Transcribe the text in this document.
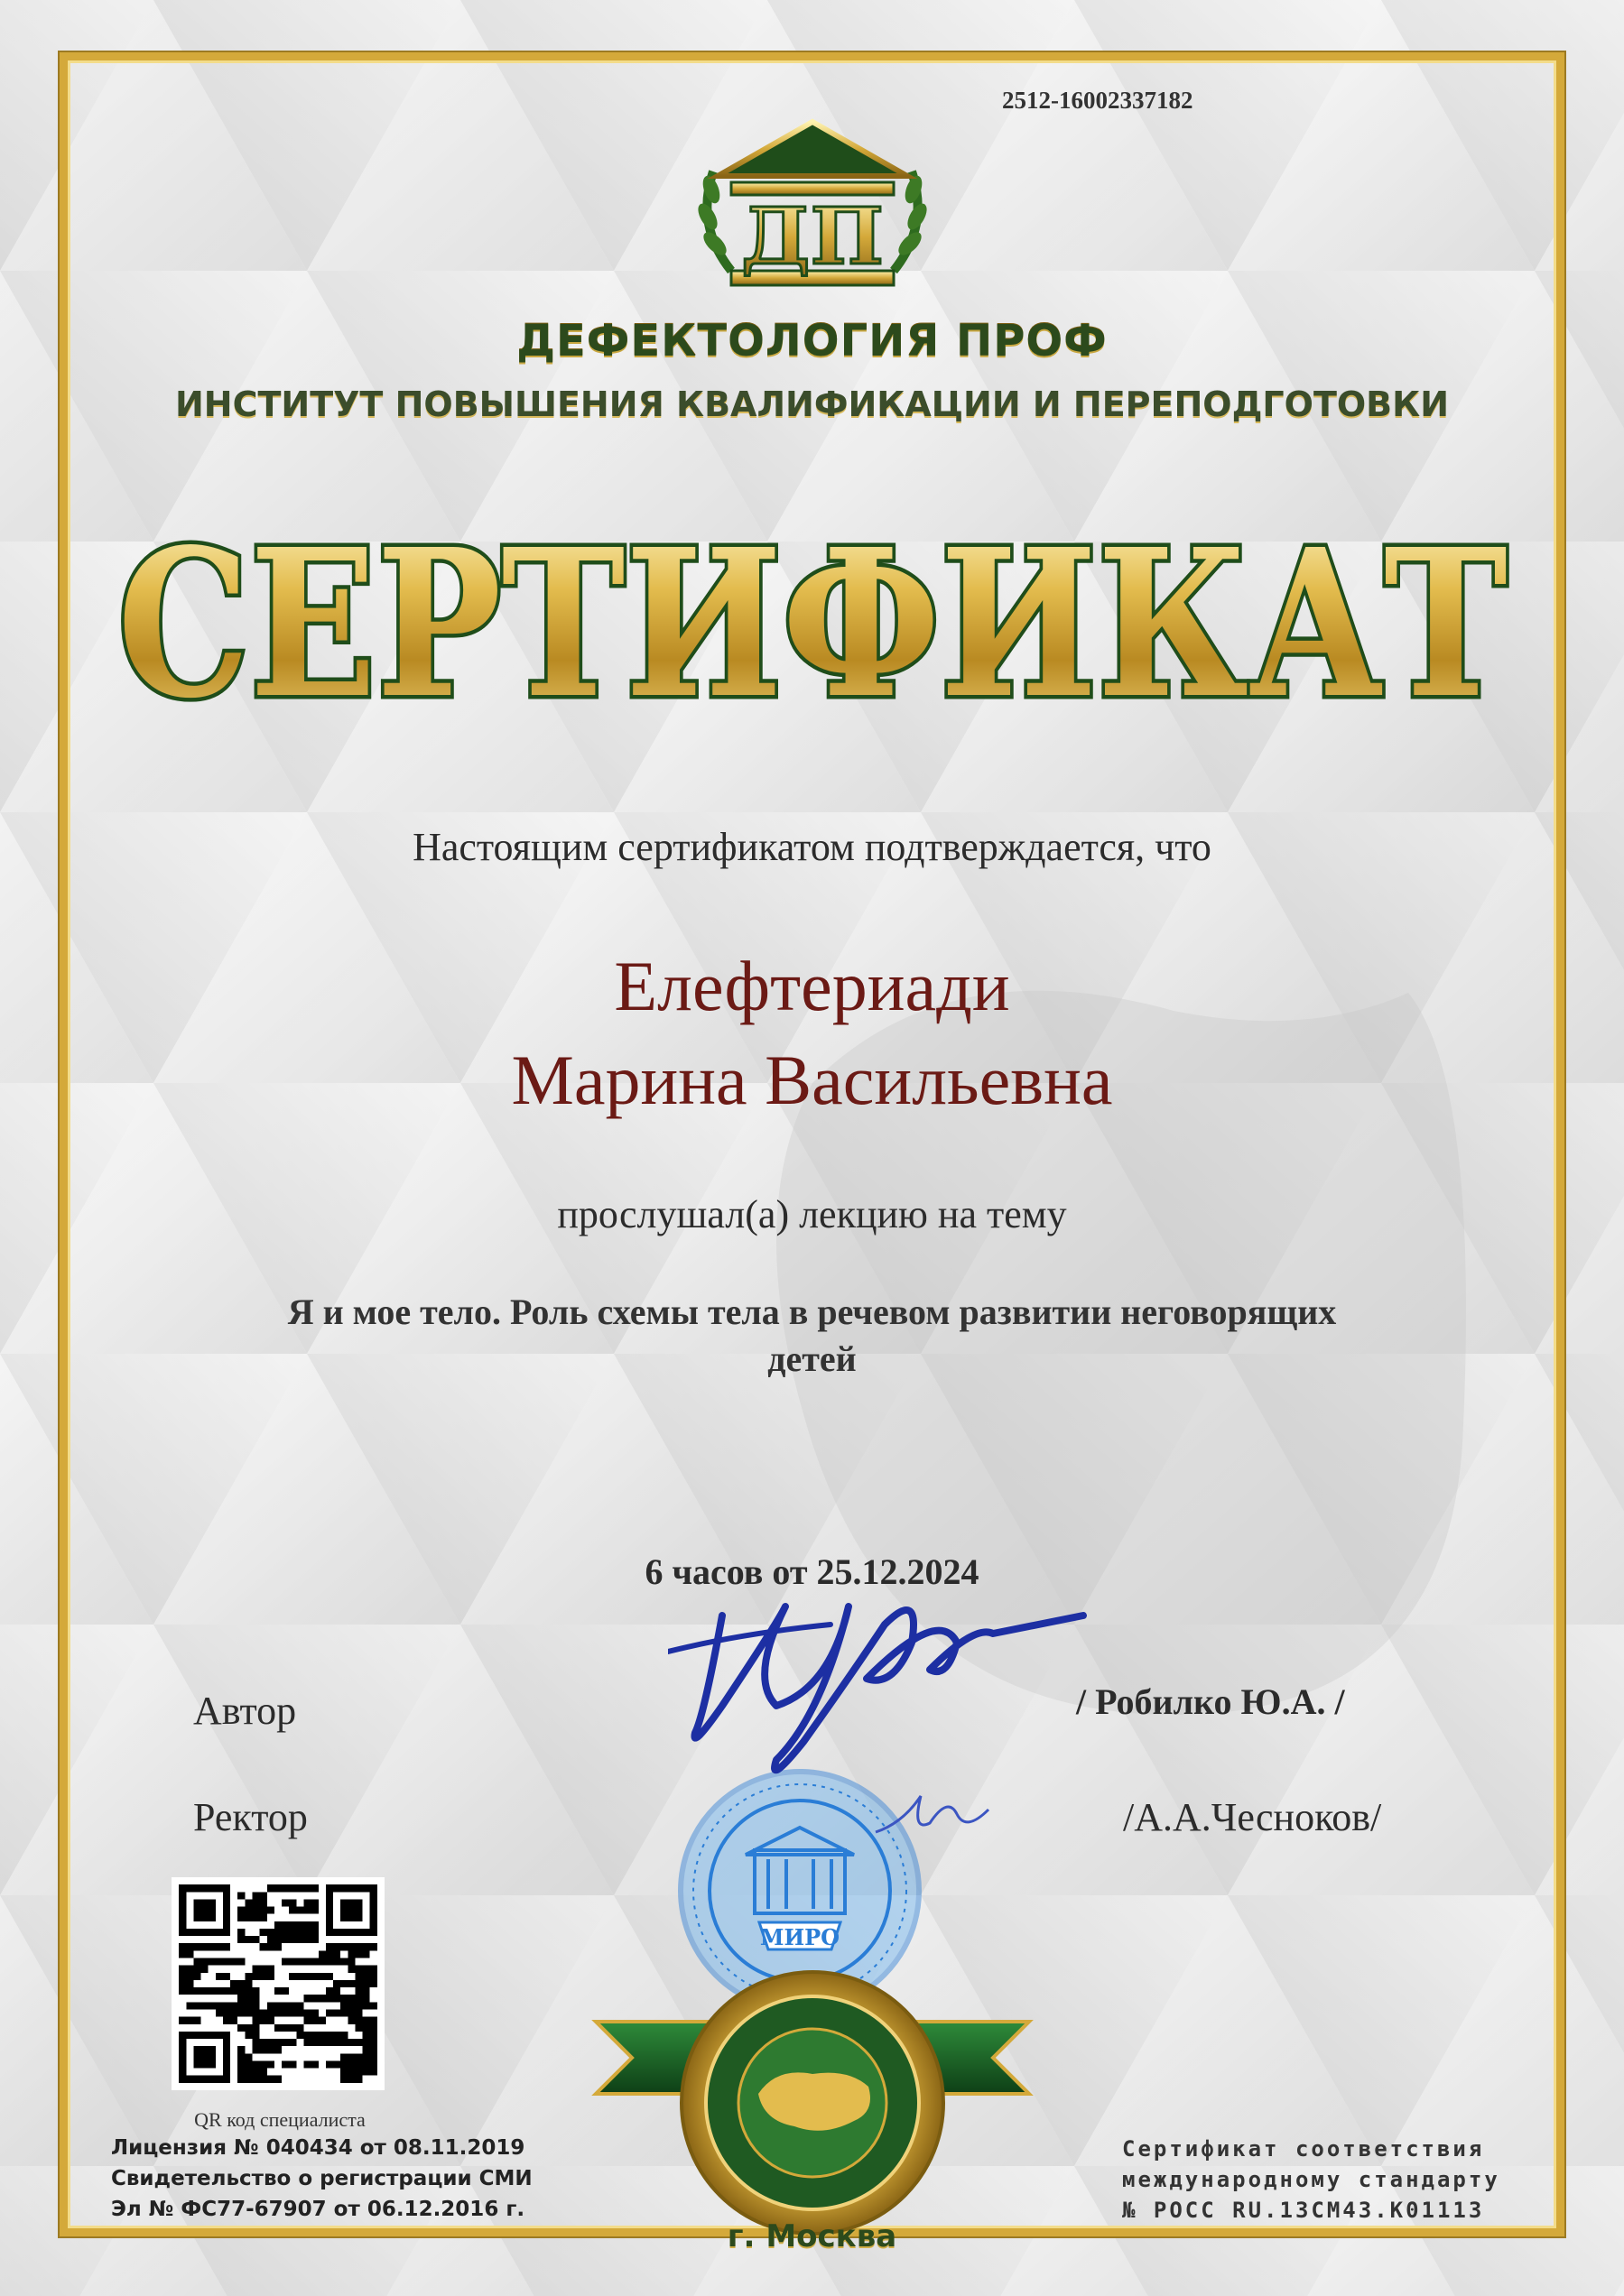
2512-16002337182
ДП
ДЕФЕКТОЛОГИЯ ПРОФ
ИНСТИТУТ ПОВЫШЕНИЯ КВАЛИФИКАЦИИ И ПЕРЕПОДГОТОВКИ
СЕРТИФИКАТ
Настоящим сертификатом подтверждается, что
Елефтериади
Марина Васильевна
прослушал(а) лекцию на тему
Я и мое тело. Роль схемы тела в речевом развитии неговорящих детей
6 часов от 25.12.2024
Автор	/ Робилко Ю.А. /
Ректор	/А.А.Чесноков/
МИРО
QR код специалиста
Лицензия № 040434 от 08.11.2019
Свидетельство о регистрации СМИ
Эл № ФС77-67907 от 06.12.2016 г.
Сертификат соответствия
международному стандарту
№ РОСС RU.13СМ43.К01113
г. Москва
